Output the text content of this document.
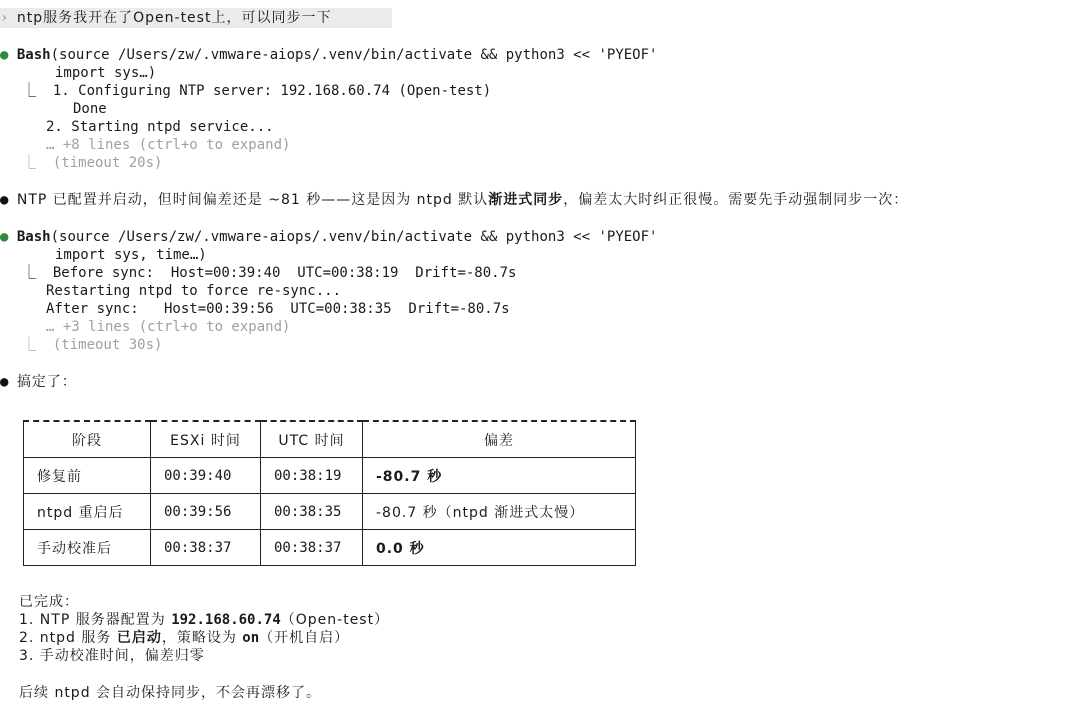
› ntp服务我开在了Open-test上，可以同步一下
● Bash(source /Users/zw/.vmware-aiops/.venv/bin/activate && python3 << 'PYEOF'
import sys…)
⎿ 1. Configuring NTP server: 192.168.60.74 (Open-test)
Done
2. Starting ntpd service...
… +8 lines (ctrl+o to expand)
⎿ (timeout 20s)
● NTP 已配置并启动，但时间偏差还是 ~81 秒——这是因为 ntpd 默认渐进式同步，偏差太大时纠正很慢。需要先手动强制同步一次：
● Bash(source /Users/zw/.vmware-aiops/.venv/bin/activate && python3 << 'PYEOF'
import sys, time…)
⎿ Before sync:  Host=00:39:40  UTC=00:38:19  Drift=-80.7s
Restarting ntpd to force re-sync...
After sync:   Host=00:39:56  UTC=00:38:35  Drift=-80.7s
… +3 lines (ctrl+o to expand)
⎿ (timeout 30s)
● 搞定了：
阶段	ESXi 时间	UTC 时间	偏差
修复前	00:39:40	00:38:19	-80.7 秒
ntpd 重启后	00:39:56	00:38:35	-80.7 秒（ntpd 渐进式太慢）
手动校准后	00:38:37	00:38:37	0.0 秒
已完成：
1. NTP 服务器配置为 192.168.60.74（Open-test）
2. ntpd 服务 已启动，策略设为 on（开机自启）
3. 手动校准时间，偏差归零
后续 ntpd 会自动保持同步，不会再漂移了。
